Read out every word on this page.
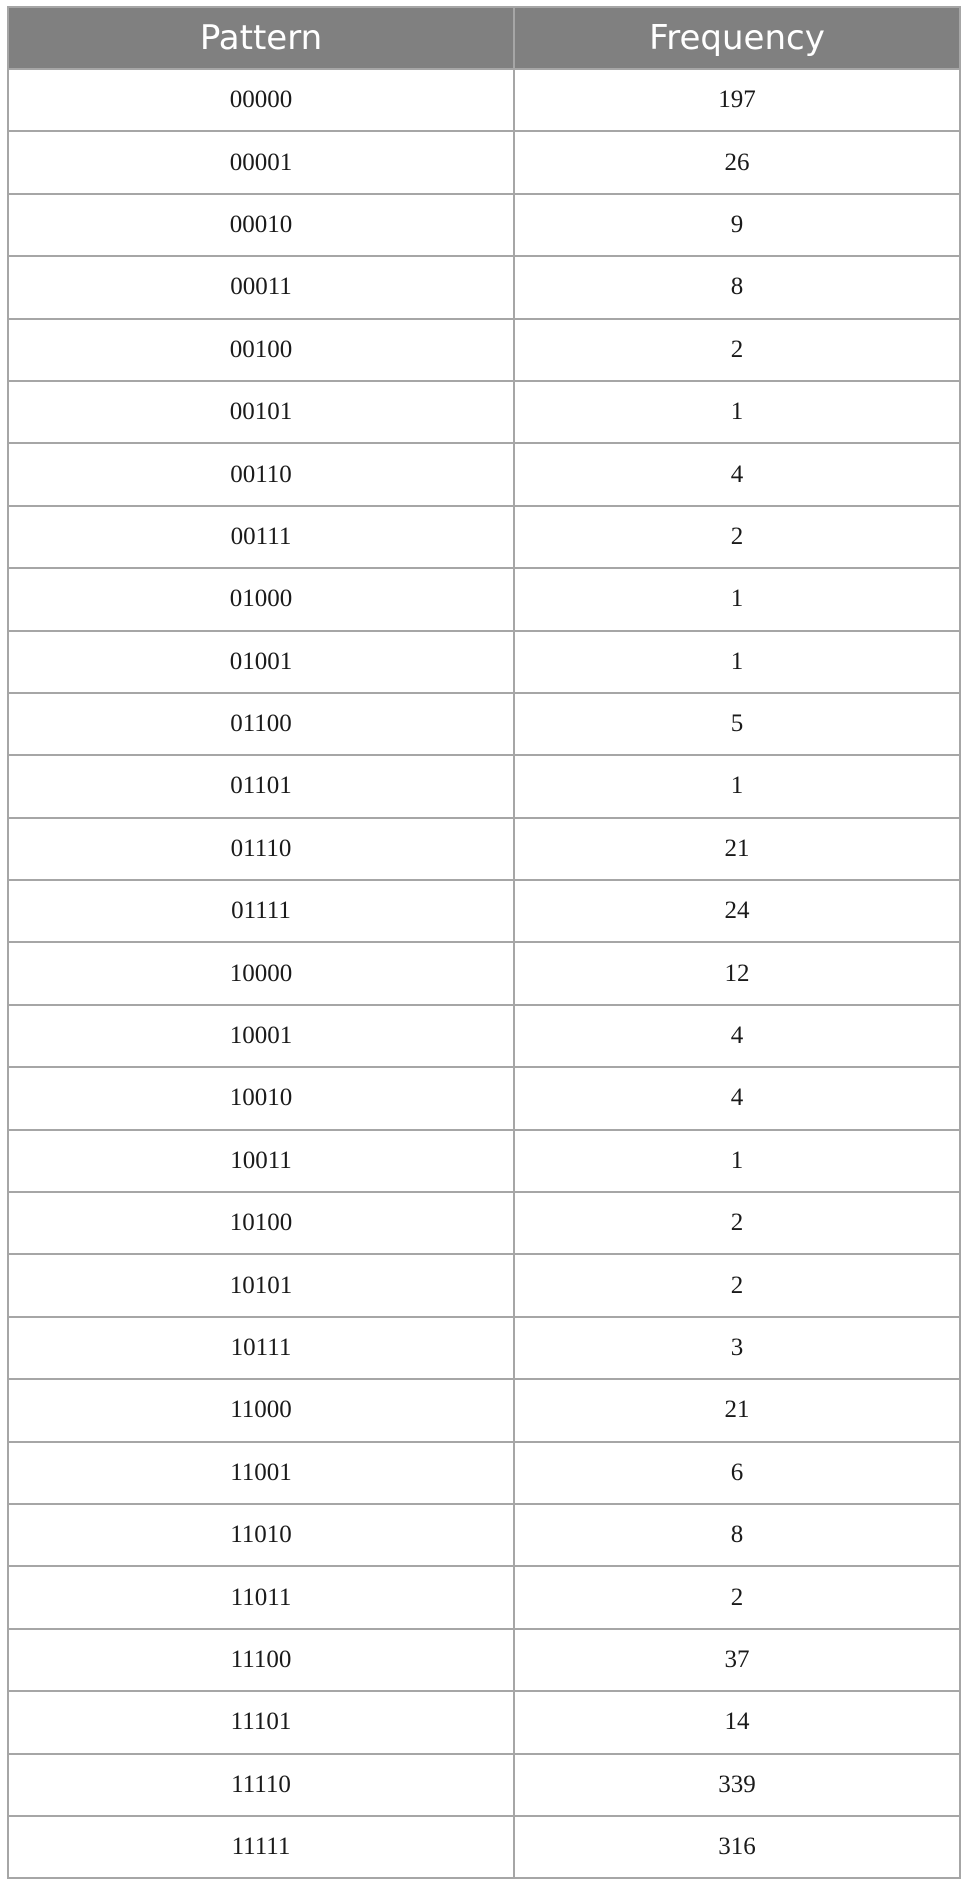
Pattern	Frequency
00000	197
00001	26
00010	9
00011	8
00100	2
00101	1
00110	4
00111	2
01000	1
01001	1
01100	5
01101	1
01110	21
01111	24
10000	12
10001	4
10010	4
10011	1
10100	2
10101	2
10111	3
11000	21
11001	6
11010	8
11011	2
11100	37
11101	14
11110	339
11111	316
